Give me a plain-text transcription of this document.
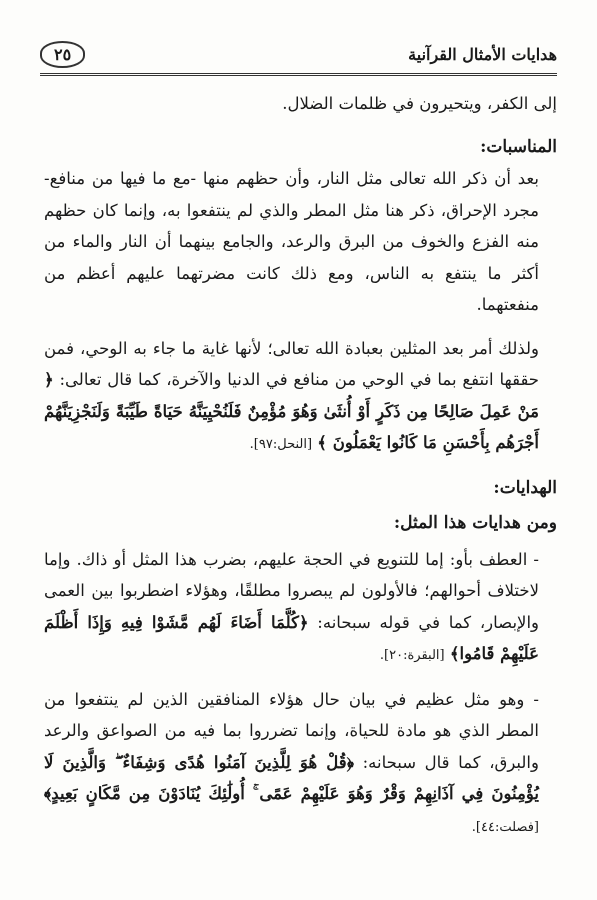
هدايات الأمثال القرآنية
٢٥

إلى الكفر، ويتحيرون في ظلمات الضلال.

المناسبات:

بعد أن ذكر الله تعالى مثل النار، وأن حظهم منها -مع ما فيها من منافع- مجرد الإحراق، ذكر هنا مثل المطر والذي لم ينتفعوا به، وإنما كان حظهم منه الفزع والخوف من البرق والرعد، والجامع بينهما أن النار والماء من أكثر ما ينتفع به الناس، ومع ذلك كانت مضرتهما عليهم أعظم من منفعتهما.

ولذلك أمر بعد المثلين بعبادة الله تعالى؛ لأنها غاية ما جاء به الوحي، فمن حققها انتفع بما في الوحي من منافع في الدنيا والآخرة، كما قال تعالى: ﴿ مَنْ عَمِلَ صَالِحًا مِن ذَكَرٍ أَوْ أُنثَىٰ وَهُوَ مُؤْمِنٌ فَلَنُحْيِيَنَّهُ حَيَاةً طَيِّبَةً وَلَنَجْزِيَنَّهُمْ أَجْرَهُم بِأَحْسَنِ مَا كَانُوا يَعْمَلُونَ ﴾ [النحل:٩٧].

الهدايات:

ومن هدايات هذا المثل:

- العطف بأو: إما للتنويع في الحجة عليهم، بضرب هذا المثل أو ذاك. وإما لاختلاف أحوالهم؛ فالأولون لم يبصروا مطلقًا، وهؤلاء اضطربوا بين العمى والإبصار، كما في قوله سبحانه: ﴿كُلَّمَا أَضَاءَ لَهُم مَّشَوْا فِيهِ وَإِذَا أَظْلَمَ عَلَيْهِمْ قَامُوا﴾ [البقرة:٢٠].

- وهو مثل عظيم في بيان حال هؤلاء المنافقين الذين لم ينتفعوا من المطر الذي هو مادة للحياة، وإنما تضرروا بما فيه من الصواعق والرعد والبرق، كما قال سبحانه: ﴿قُلْ هُوَ لِلَّذِينَ آمَنُوا هُدًى وَشِفَاءٌ ۖ وَالَّذِينَ لَا يُؤْمِنُونَ فِي آذَانِهِمْ وَقْرٌ وَهُوَ عَلَيْهِمْ عَمًى ۚ أُولَٰئِكَ يُنَادَوْنَ مِن مَّكَانٍ بَعِيدٍ﴾ [فصلت:٤٤].
